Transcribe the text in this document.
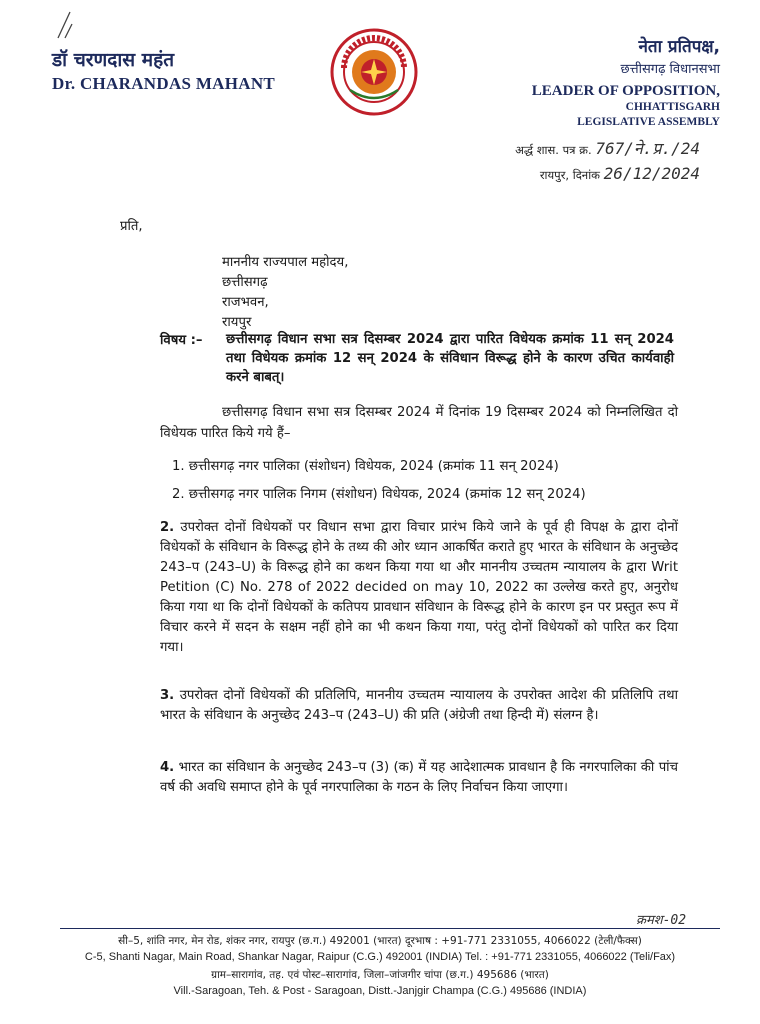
डॉ चरणदास महंत
Dr. CHARANDAS MAHANT
नेता प्रतिपक्ष,
छत्तीसगढ़ विधानसभा
LEADER OF OPPOSITION,
CHHATTISGARH
LEGISLATIVE ASSEMBLY
अर्द्ध शास. पत्र क्र. 767/ने.प्र./24
रायपुर, दिनांक 26/12/2024
प्रति,
माननीय राज्यपाल महोदय,
छत्तीसगढ़
राजभवन,
रायपुर
विषय :– छत्तीसगढ़ विधान सभा सत्र दिसम्बर 2024 द्वारा पारित विधेयक क्रमांक 11 सन् 2024 तथा विधेयक क्रमांक 12 सन् 2024 के संविधान विरूद्ध होने के कारण उचित कार्यवाही करने बाबत्।
छत्तीसगढ़ विधान सभा सत्र दिसम्बर 2024 में दिनांक 19 दिसम्बर 2024 को निम्नलिखित दो विधेयक पारित किये गये हैं–
1. छत्तीसगढ़ नगर पालिका (संशोधन) विधेयक, 2024 (क्रमांक 11 सन् 2024)
2. छत्तीसगढ़ नगर पालिक निगम (संशोधन) विधेयक, 2024 (क्रमांक 12 सन् 2024)
2. उपरोक्त दोनों विधेयकों पर विधान सभा द्वारा विचार प्रारंभ किये जाने के पूर्व ही विपक्ष के द्वारा दोनों विधेयकों के संविधान के विरूद्ध होने के तथ्य की ओर ध्यान आकर्षित कराते हुए भारत के संविधान के अनुच्छेद 243–प (243–U) के विरूद्ध होने का कथन किया गया था और माननीय उच्चतम न्यायालय के द्वारा Writ Petition (C) No. 278 of 2022 decided on may 10, 2022 का उल्लेख करते हुए, अनुरोध किया गया था कि दोनों विधेयकों के कतिपय प्रावधान संविधान के विरूद्ध होने के कारण इन पर प्रस्तुत रूप में विचार करने में सदन के सक्षम नहीं होने का भी कथन किया गया, परंतु दोनों विधेयकों को पारित कर दिया गया।
3. उपरोक्त दोनों विधेयकों की प्रतिलिपि, माननीय उच्चतम न्यायालय के उपरोक्त आदेश की प्रतिलिपि तथा भारत के संविधान के अनुच्छेद 243–प (243–U) की प्रति (अंग्रेजी तथा हिन्दी में) संलग्न है।
4. भारत का संविधान के अनुच्छेद 243–प (3) (क) में यह आदेशात्मक प्रावधान है कि नगरपालिका की पांच वर्ष की अवधि समाप्त होने के पूर्व नगरपालिका के गठन के लिए निर्वाचन किया जाएगा।
क्रमश-02
सी–5, शांति नगर, मेन रोड, शंकर नगर, रायपुर (छ.ग.) 492001 (भारत) दूरभाष : +91-771 2331055, 4066022 (टेली/फैक्स)
C-5, Shanti Nagar, Main Road, Shankar Nagar, Raipur (C.G.) 492001 (INDIA) Tel. : +91-771 2331055, 4066022 (Teli/Fax)
ग्राम–सारागांव, तह. एवं पोस्ट–सारागांव, जिला–जांजगीर चांपा (छ.ग.) 495686 (भारत)
Vill.-Saragoan, Teh. & Post - Saragoan, Distt.-Janjgir Champa (C.G.) 495686 (INDIA)
